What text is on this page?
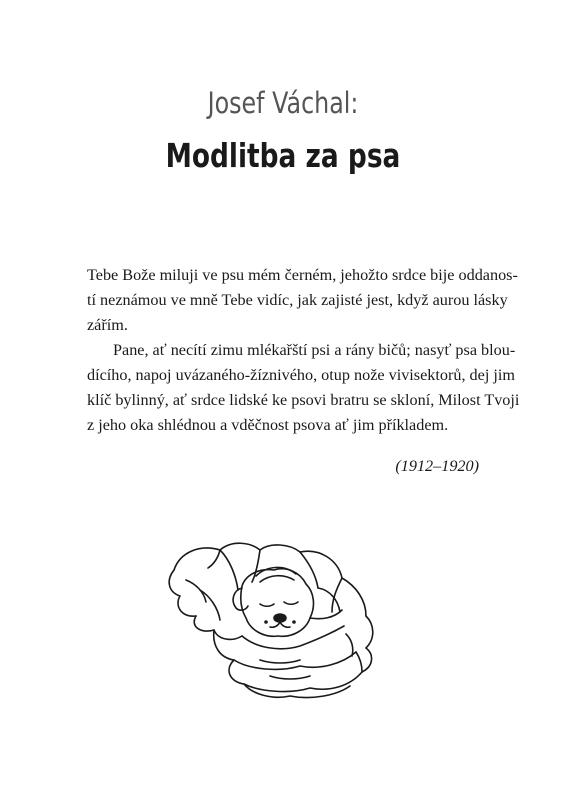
Josef Váchal:
Modlitba za psa
Tebe Bože miluji ve psu mém černém, jehožto srdce bije oddanos-
tí neznámou ve mně Tebe vidíc, jak zajisté jest, když aurou lásky
zářím.
Pane, ať necítí zimu mlékařští psi a rány bičů; nasyť psa blou-
dícího, napoj uvázaného-žíznivého, otup nože vivisektorů, dej jim
klíč bylinný, ať srdce lidské ke psovi bratru se skloní, Milost Tvoji
z jeho oka shlédnou a vděčnost psova ať jim příkladem.
(1912–1920)
